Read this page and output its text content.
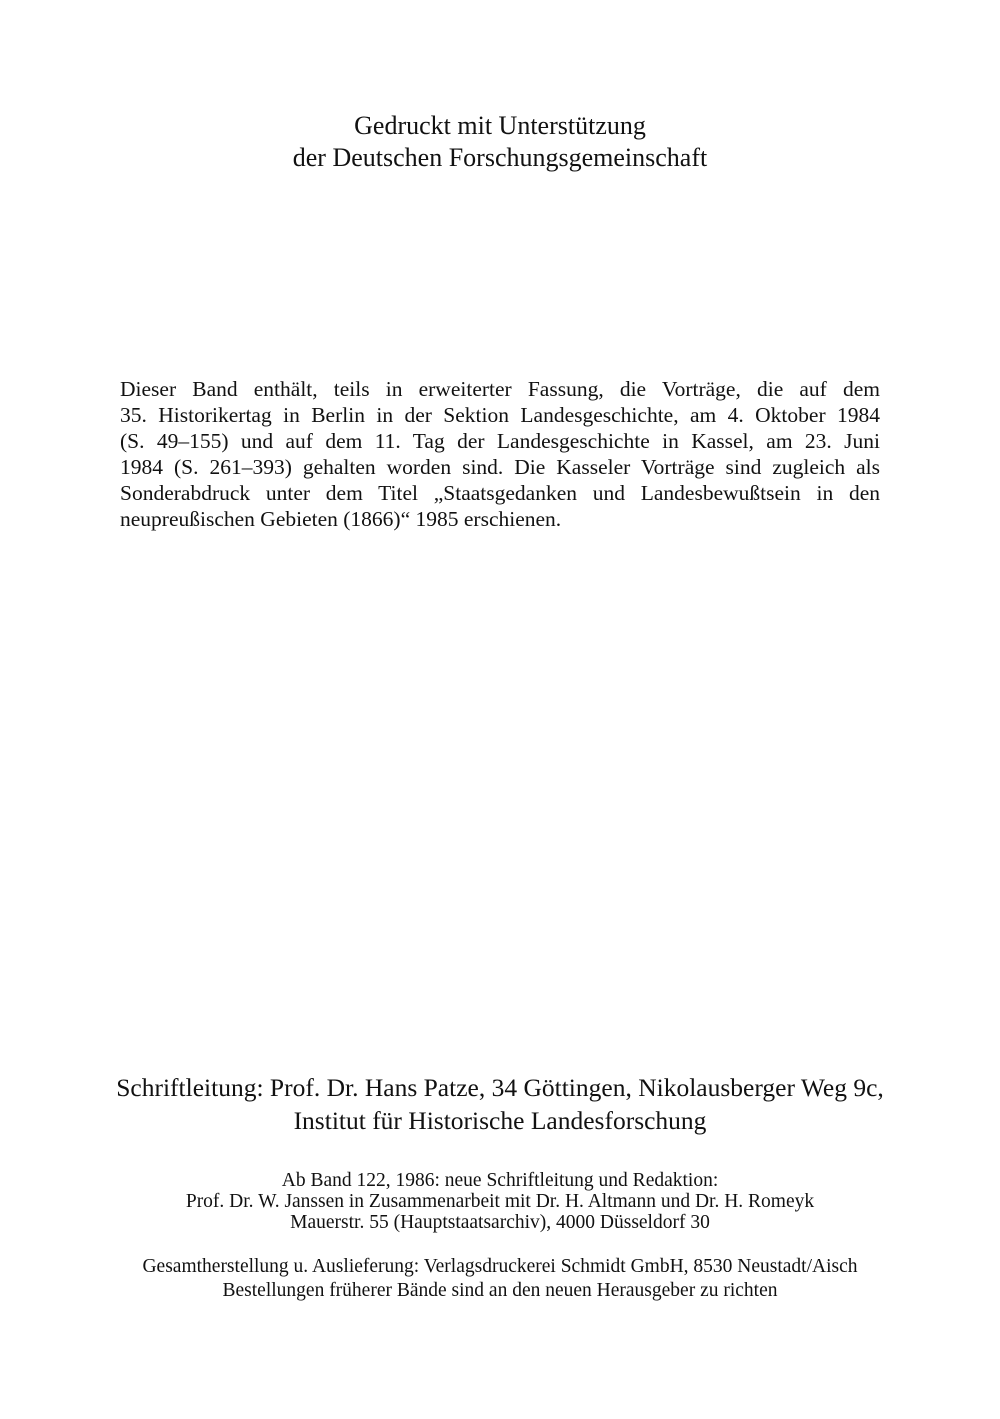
Gedruckt mit Unterstützung
der Deutschen Forschungsgemeinschaft
Dieser Band enthält, teils in erweiterter Fassung, die Vorträge, die auf dem
35. Historikertag in Berlin in der Sektion Landesgeschichte, am 4. Oktober 1984
(S. 49–155) und auf dem 11. Tag der Landesgeschichte in Kassel, am 23. Juni
1984 (S. 261–393) gehalten worden sind. Die Kasseler Vorträge sind zugleich als
Sonderabdruck unter dem Titel „Staatsgedanken und Landesbewußtsein in den
neupreußischen Gebieten (1866)“ 1985 erschienen.
Schriftleitung: Prof. Dr. Hans Patze, 34 Göttingen, Nikolausberger Weg 9c,
Institut für Historische Landesforschung
Ab Band 122, 1986: neue Schriftleitung und Redaktion:
Prof. Dr. W. Janssen in Zusammenarbeit mit Dr. H. Altmann und Dr. H. Romeyk
Mauerstr. 55 (Hauptstaatsarchiv), 4000 Düsseldorf 30
Gesamtherstellung u. Auslieferung: Verlagsdruckerei Schmidt GmbH, 8530 Neustadt/Aisch
Bestellungen früherer Bände sind an den neuen Herausgeber zu richten
